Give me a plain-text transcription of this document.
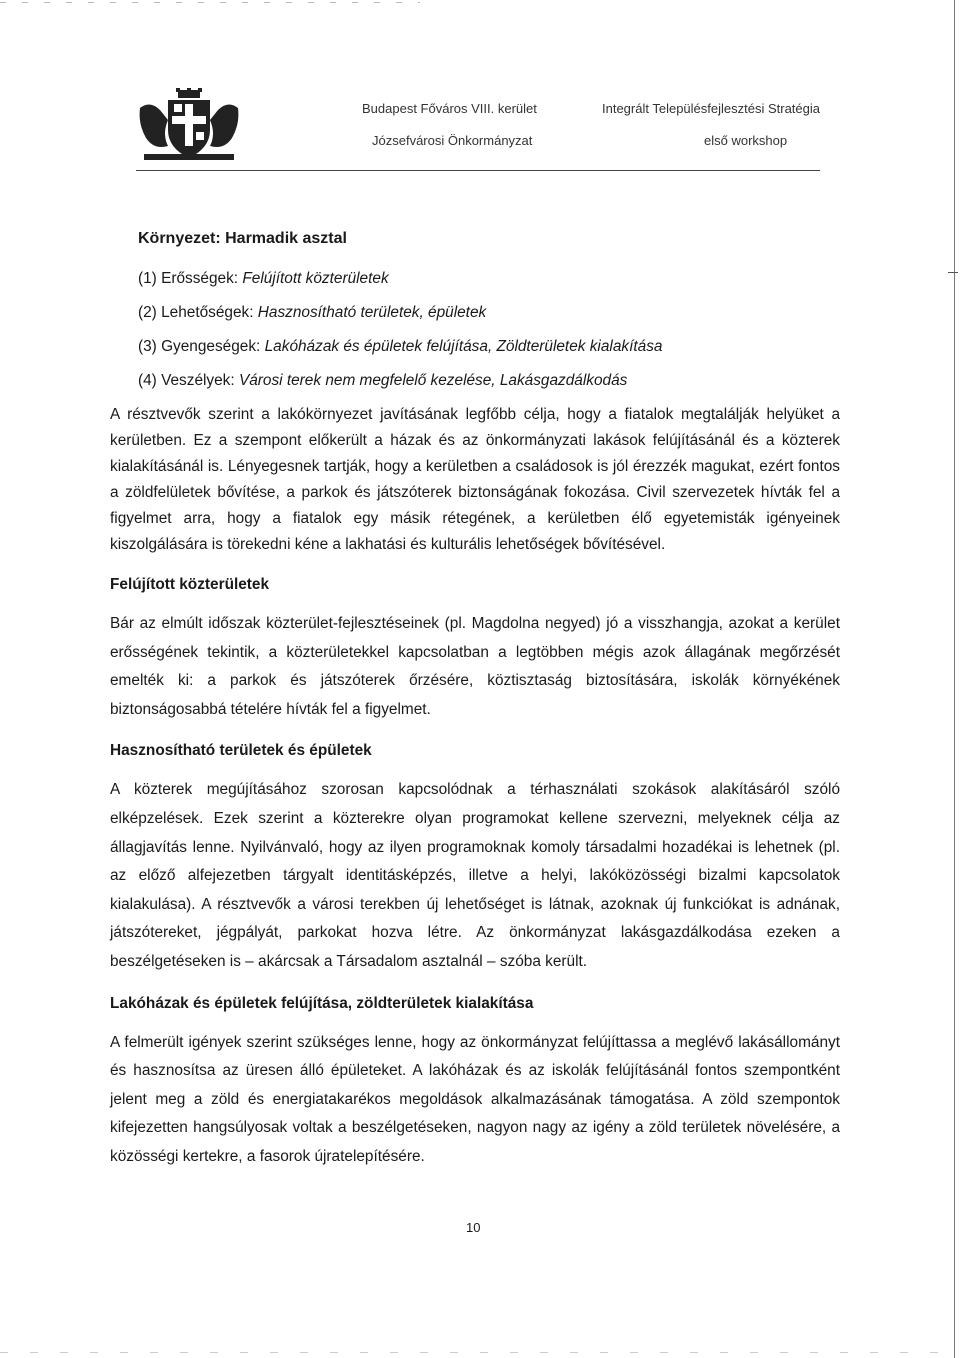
Budapest Főváros VIII. kerület
Józsefvárosi Önkormányzat
Integrált Településfejlesztési Stratégia
első workshop
Környezet: Harmadik asztal
(1) Erősségek: Felújított közterületek
(2) Lehetőségek: Hasznosítható területek, épületek
(3) Gyengeségek: Lakóházak és épületek felújítása, Zöldterületek kialakítása
(4) Veszélyek: Városi terek nem megfelelő kezelése, Lakásgazdálkodás

A résztvevők szerint a lakókörnyezet javításának legfőbb célja, hogy a fiatalok megtalálják helyüket a kerületben. Ez a szempont előkerült a házak és az önkormányzati lakások felújításánál és a közterek kialakításánál is. Lényegesnek tartják, hogy a kerületben a családosok is jól érezzék magukat, ezért fontos a zöldfelületek bővítése, a parkok és játszóterek biztonságának fokozása. Civil szervezetek hívták fel a figyelmet arra, hogy a fiatalok egy másik rétegének, a kerületben élő egyetemisták igényeinek kiszolgálására is törekedni kéne a lakhatási és kulturális lehetőségek bővítésével.

Felújított közterületek

Bár az elmúlt időszak közterület-fejlesztéseinek (pl. Magdolna negyed) jó a visszhangja, azokat a kerület erősségének tekintik, a közterületekkel kapcsolatban a legtöbben mégis azok állagának megőrzését emelték ki: a parkok és játszóterek őrzésére, köztisztaság biztosítására, iskolák környékének biztonságosabbá tételére hívták fel a figyelmet.

Hasznosítható területek és épületek

A közterek megújításához szorosan kapcsolódnak a térhasználati szokások alakításáról szóló elképzelések. Ezek szerint a közterekre olyan programokat kellene szervezni, melyeknek célja az állagjavítás lenne. Nyilvánvaló, hogy az ilyen programoknak komoly társadalmi hozadékai is lehetnek (pl. az előző alfejezetben tárgyalt identitásképzés, illetve a helyi, lakóközösségi bizalmi kapcsolatok kialakulása). A résztvevők a városi terekben új lehetőséget is látnak, azoknak új funkciókat is adnának, játszótereket, jégpályát, parkokat hozva létre. Az önkormányzat lakásgazdálkodása ezeken a beszélgetéseken is – akárcsak a Társadalom asztalnál – szóba került.

Lakóházak és épületek felújítása, zöldterületek kialakítása

A felmerült igények szerint szükséges lenne, hogy az önkormányzat felújíttassa a meglévő lakásállományt és hasznosítsa az üresen álló épületeket. A lakóházak és az iskolák felújításánál fontos szempontként jelent meg a zöld és energiatakarékos megoldások alkalmazásának támogatása. A zöld szempontok kifejezetten hangsúlyosak voltak a beszélgetéseken, nagyon nagy az igény a zöld területek növelésére, a közösségi kertekre, a fasorok újratelepítésére.

10
